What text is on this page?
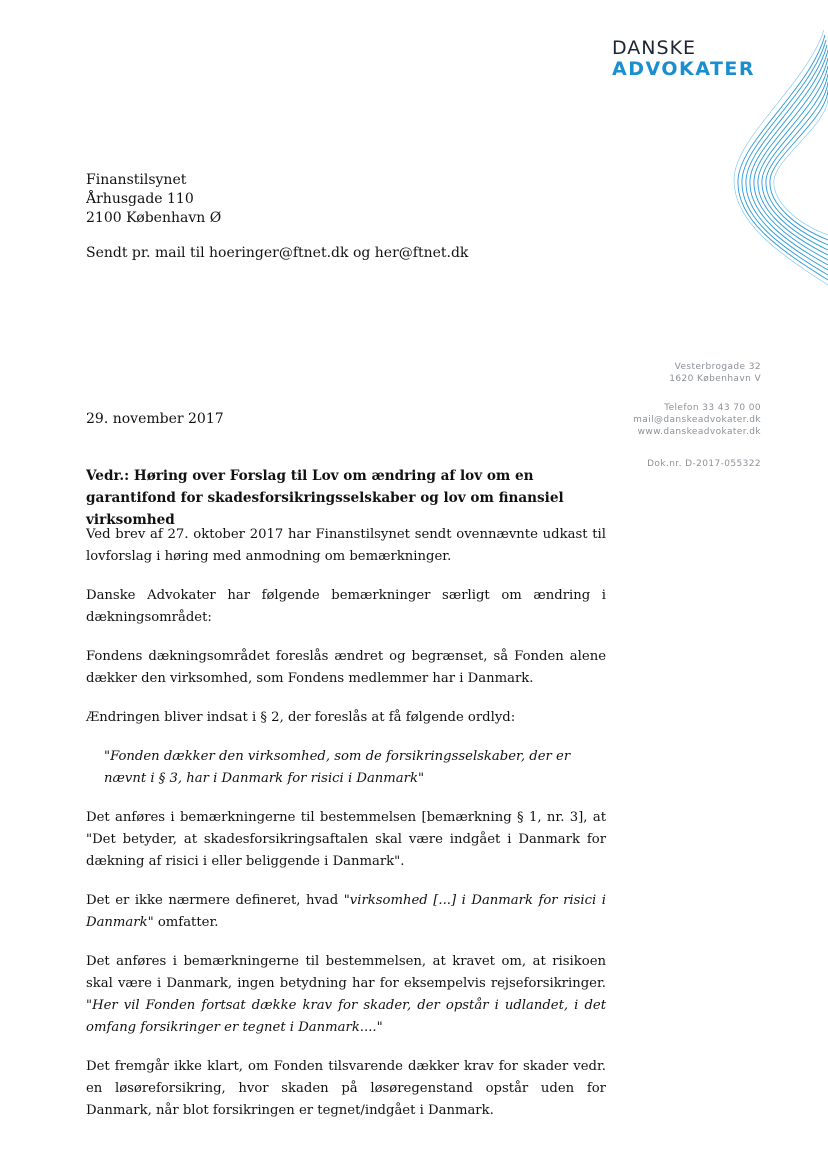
DANSKE
ADVOKATER
Finanstilsynet
Århusgade 110
2100 København Ø
Sendt pr. mail til hoeringer@ftnet.dk og her@ftnet.dk
Vesterbrogade 32
1620 København V
Telefon 33 43 70 00
mail@danskeadvokater.dk
www.danskeadvokater.dk
Dok.nr. D-2017-055322
29. november 2017
Vedr.: Høring over Forslag til Lov om ændring af lov om en garantifond for skadesforsikringsselskaber og lov om finansiel virksomhed

Ved brev af 27. oktober 2017 har Finanstilsynet sendt ovennævnte udkast til lovforslag i høring med anmodning om bemærkninger.

Danske Advokater har følgende bemærkninger særligt om ændring i dækningsområdet:

Fondens dækningsområdet foreslås ændret og begrænset, så Fonden alene dækker den virksomhed, som Fondens medlemmer har i Danmark.

Ændringen bliver indsat i § 2, der foreslås at få følgende ordlyd:

"Fonden dækker den virksomhed, som de forsikringsselskaber, der er nævnt i § 3, har i Danmark for risici i Danmark"

Det anføres i bemærkningerne til bestemmelsen [bemærkning § 1, nr. 3], at "Det betyder, at skadesforsikringsaftalen skal være indgået i Danmark for dækning af risici i eller beliggende i Danmark".

Det er ikke nærmere defineret, hvad "virksomhed [...] i Danmark for risici i Danmark" omfatter.

Det anføres i bemærkningerne til bestemmelsen, at kravet om, at risikoen skal være i Danmark, ingen betydning har for eksempelvis rejseforsikringer. "Her vil Fonden fortsat dække krav for skader, der opstår i udlandet, i det omfang forsikringer er tegnet i Danmark...."

Det fremgår ikke klart, om Fonden tilsvarende dækker krav for skader vedr. en løsøreforsikring, hvor skaden på løsøregenstand opstår uden for Danmark, når blot forsikringen er tegnet/indgået i Danmark.
